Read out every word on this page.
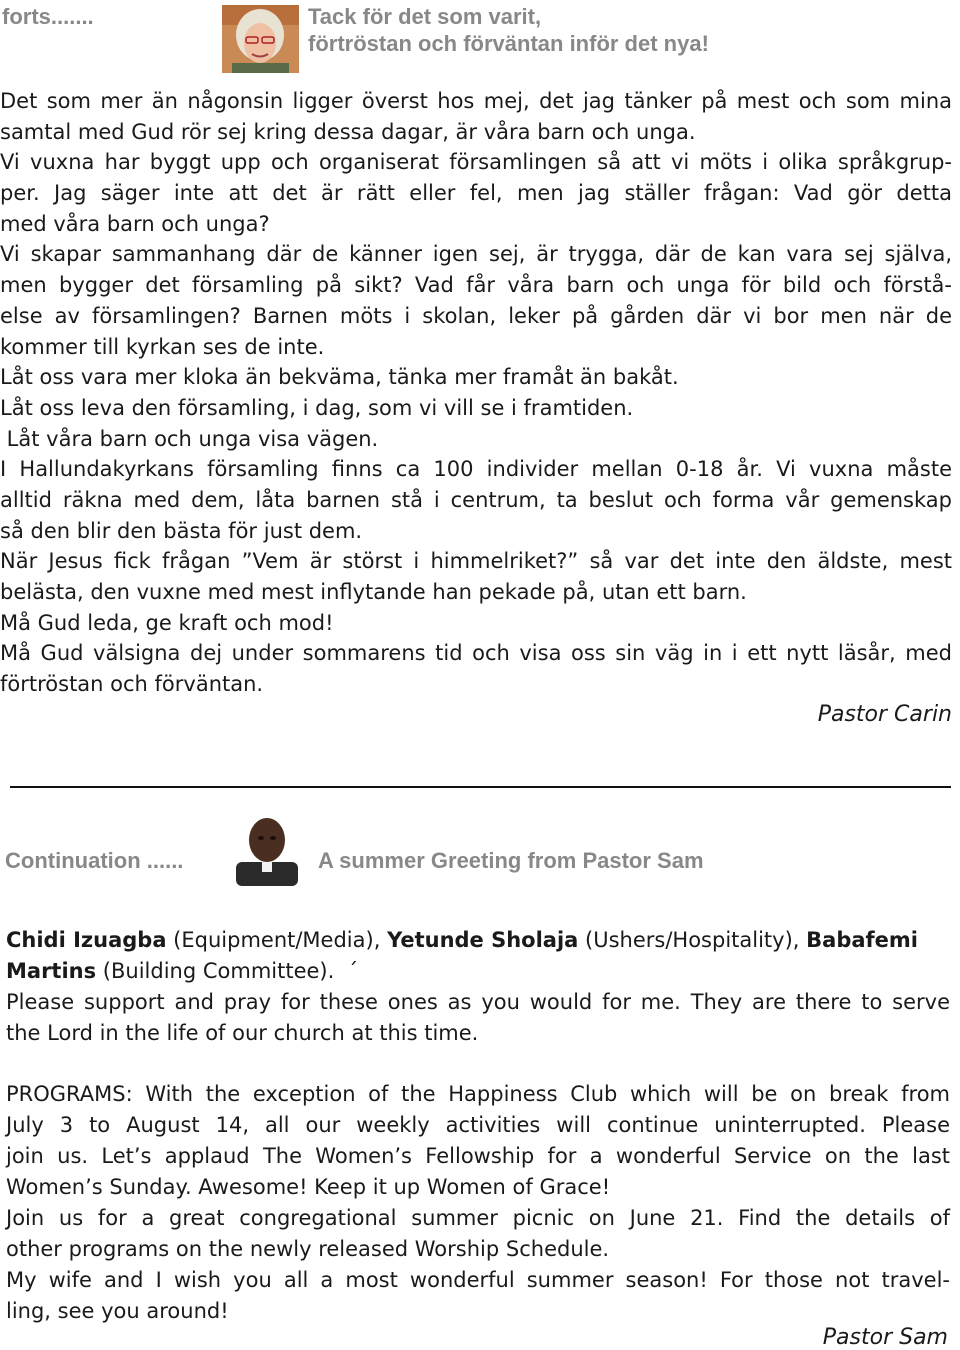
forts.......	Tack för det som varit,
förtröstan och förväntan inför det nya!
Det som mer än någonsin ligger överst hos mej, det jag tänker på mest och som mina
samtal med Gud rör sej kring dessa dagar, är våra barn och unga.
Vi vuxna har byggt upp och organiserat församlingen så att vi möts i olika språkgrup-
per. Jag säger inte att det är rätt eller fel, men jag ställer frågan: Vad gör detta
med våra barn och unga?
Vi skapar sammanhang där de känner igen sej, är trygga, där de kan vara sej själva,
men bygger det församling på sikt? Vad får våra barn och unga för bild och förstå-
else av församlingen? Barnen möts i skolan, leker på gården där vi bor men när de
kommer till kyrkan ses de inte.
Låt oss vara mer kloka än bekväma, tänka mer framåt än bakåt.
Låt oss leva den församling, i dag, som vi vill se i framtiden.
Låt våra barn och unga visa vägen.
I Hallundakyrkans församling finns ca 100 individer mellan 0-18 år. Vi vuxna måste
alltid räkna med dem, låta barnen stå i centrum, ta beslut och forma vår gemenskap
så den blir den bästa för just dem.
När Jesus fick frågan ”Vem är störst i himmelriket?” så var det inte den äldste, mest
belästa, den vuxne med mest inflytande han pekade på, utan ett barn.
Må Gud leda, ge kraft och mod!
Må Gud välsigna dej under sommarens tid och visa oss sin väg in i ett nytt läsår, med
förtröstan och förväntan.
Pastor Carin
Continuation ......	A summer Greeting from Pastor Sam
Chidi Izuagba (Equipment/Media), Yetunde Sholaja (Ushers/Hospitality), Babafemi
Martins (Building Committee).  ´
Please support and pray for these ones as you would for me. They are there to serve
the Lord in the life of our church at this time.
PROGRAMS: With the exception of the Happiness Club which will be on break from
July 3 to August 14, all our weekly activities will continue uninterrupted. Please
join us. Let’s applaud The Women’s Fellowship for a wonderful Service on the last
Women’s Sunday. Awesome! Keep it up Women of Grace!
Join us for a great congregational summer picnic on June 21. Find the details of
other programs on the newly released Worship Schedule.
My wife and I wish you all a most wonderful summer season! For those not travel-
ling, see you around!
Pastor Sam
